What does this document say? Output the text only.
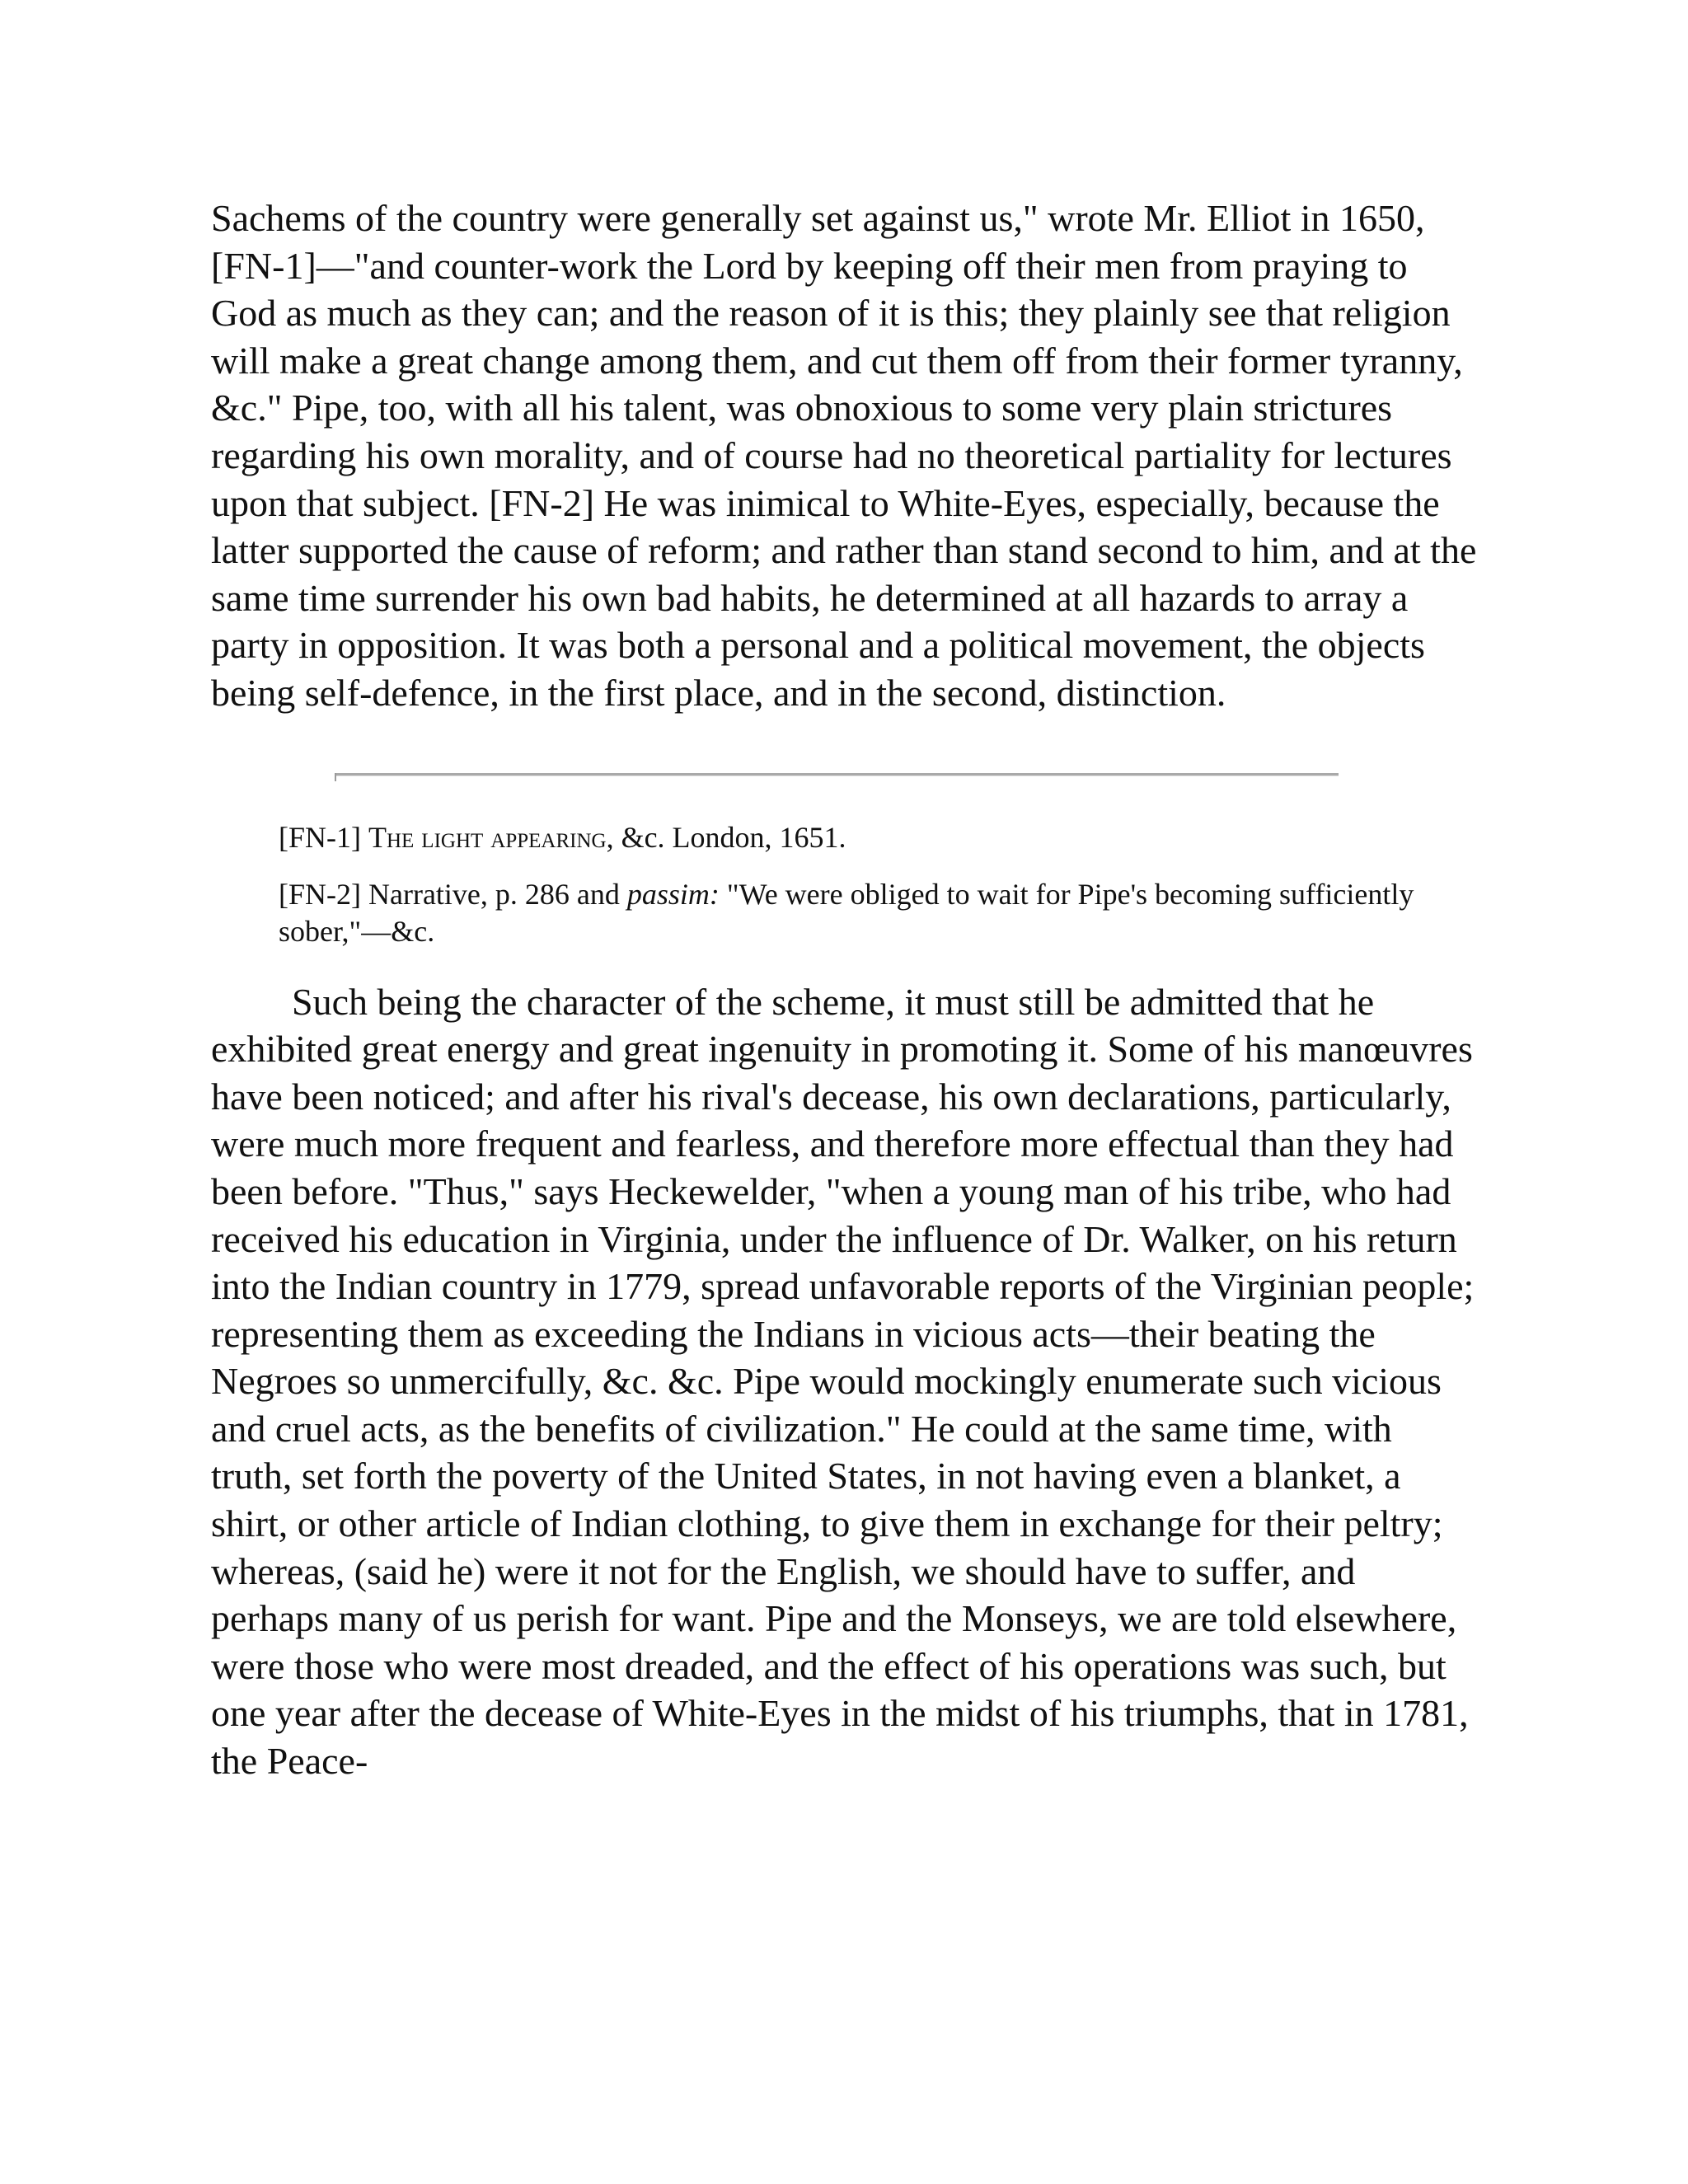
Sachems of the country were generally set against us," wrote Mr. Elliot in 1650,[FN-1]—"and counter-work the Lord by keeping off their men from praying to God as much as they can; and the reason of it is this; they plainly see that religion will make a great change among them, and cut them off from their former tyranny, &c." Pipe, too, with all his talent, was obnoxious to some very plain strictures regarding his own morality, and of course had no theoretical partiality for lectures upon that subject. [FN-2] He was inimical to White-Eyes, especially, because the latter supported the cause of reform; and rather than stand second to him, and at the same time surrender his own bad habits, he determined at all hazards to array a party in opposition. It was both a personal and a political movement, the objects being self-defence, in the first place, and in the second, distinction.

[FN-1] The light appearing, &c. London, 1651.

[FN-2] Narrative, p. 286 and passim: "We were obliged to wait for Pipe's becoming sufficiently sober,"—&c.

Such being the character of the scheme, it must still be admitted that he exhibited great energy and great ingenuity in promoting it. Some of his manœuvres have been noticed; and after his rival's decease, his own declarations, particularly, were much more frequent and fearless, and therefore more effectual than they had been before. "Thus," says Heckewelder, "when a young man of his tribe, who had received his education in Virginia, under the influence of Dr. Walker, on his return into the Indian country in 1779, spread unfavorable reports of the Virginian people; representing them as exceeding the Indians in vicious acts—their beating the Negroes so unmercifully, &c. &c. Pipe would mockingly enumerate such vicious and cruel acts, as the benefits of civilization." He could at the same time, with truth, set forth the poverty of the United States, in not having even a blanket, a shirt, or other article of Indian clothing, to give them in exchange for their peltry; whereas, (said he) were it not for the English, we should have to suffer, and perhaps many of us perish for want. Pipe and the Monseys, we are told elsewhere, were those who were most dreaded, and the effect of his operations was such, but one year after the decease of White-Eyes in the midst of his triumphs, that in 1781, the Peace-
